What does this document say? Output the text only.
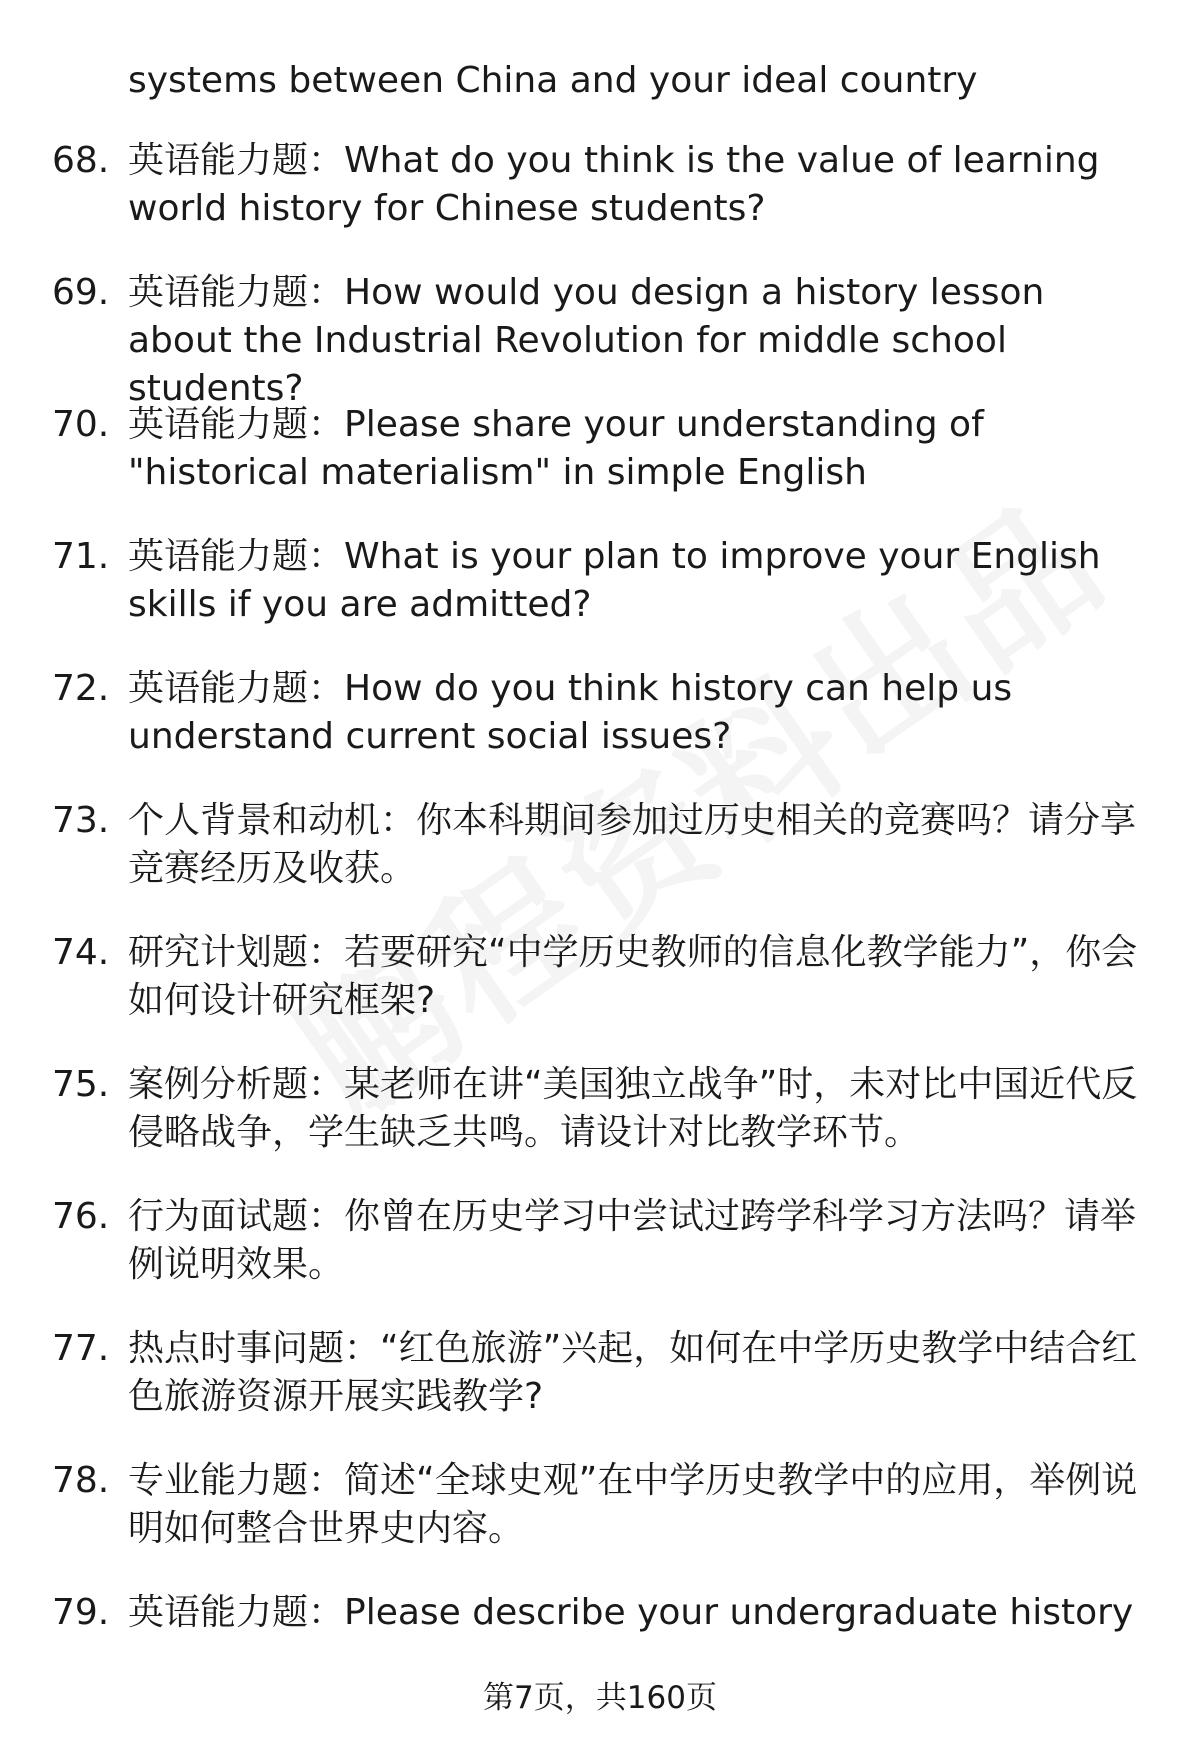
systems between China and your ideal country
68. 英语能力题：What do you think is the value of learning world history for Chinese students?
69. 英语能力题：How would you design a history lesson about the Industrial Revolution for middle school students?
70. 英语能力题：Please share your understanding of "historical materialism" in simple English
71. 英语能力题：What is your plan to improve your English skills if you are admitted?
72. 英语能力题：How do you think history can help us understand current social issues?
73. 个人背景和动机：你本科期间参加过历史相关的竞赛吗？请分享竞赛经历及收获。
74. 研究计划题：若要研究“中学历史教师的信息化教学能力”，你会如何设计研究框架?
75. 案例分析题：某老师在讲“美国独立战争”时，未对比中国近代反侵略战争，学生缺乏共鸣。请设计对比教学环节。
76. 行为面试题：你曾在历史学习中尝试过跨学科学习方法吗？请举例说明效果。
77. 热点时事问题：“红色旅游”兴起，如何在中学历史教学中结合红色旅游资源开展实践教学?
78. 专业能力题：简述“全球史观”在中学历史教学中的应用，举例说明如何整合世界史内容。
79. 英语能力题：Please describe your undergraduate history
第7页，共160页
